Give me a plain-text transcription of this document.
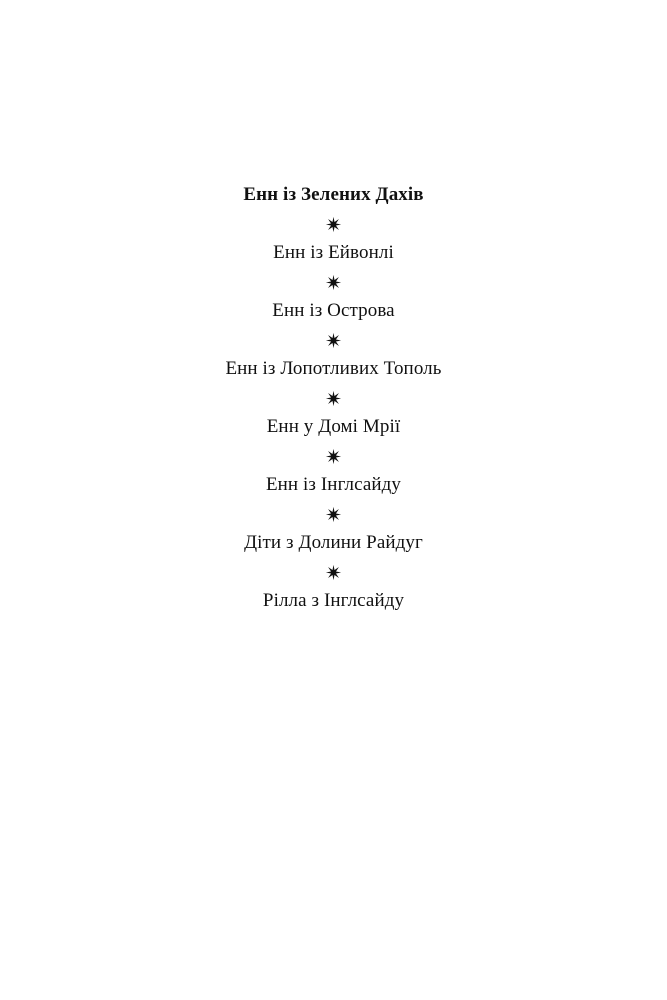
Енн із Зелених Дахів
Енн із Ейвонлі
Енн із Острова
Енн із Лопотливих Тополь
Енн у Домі Мрії
Енн із Інглсайду
Діти з Долини Райдуг
Рілла з Інглсайду
